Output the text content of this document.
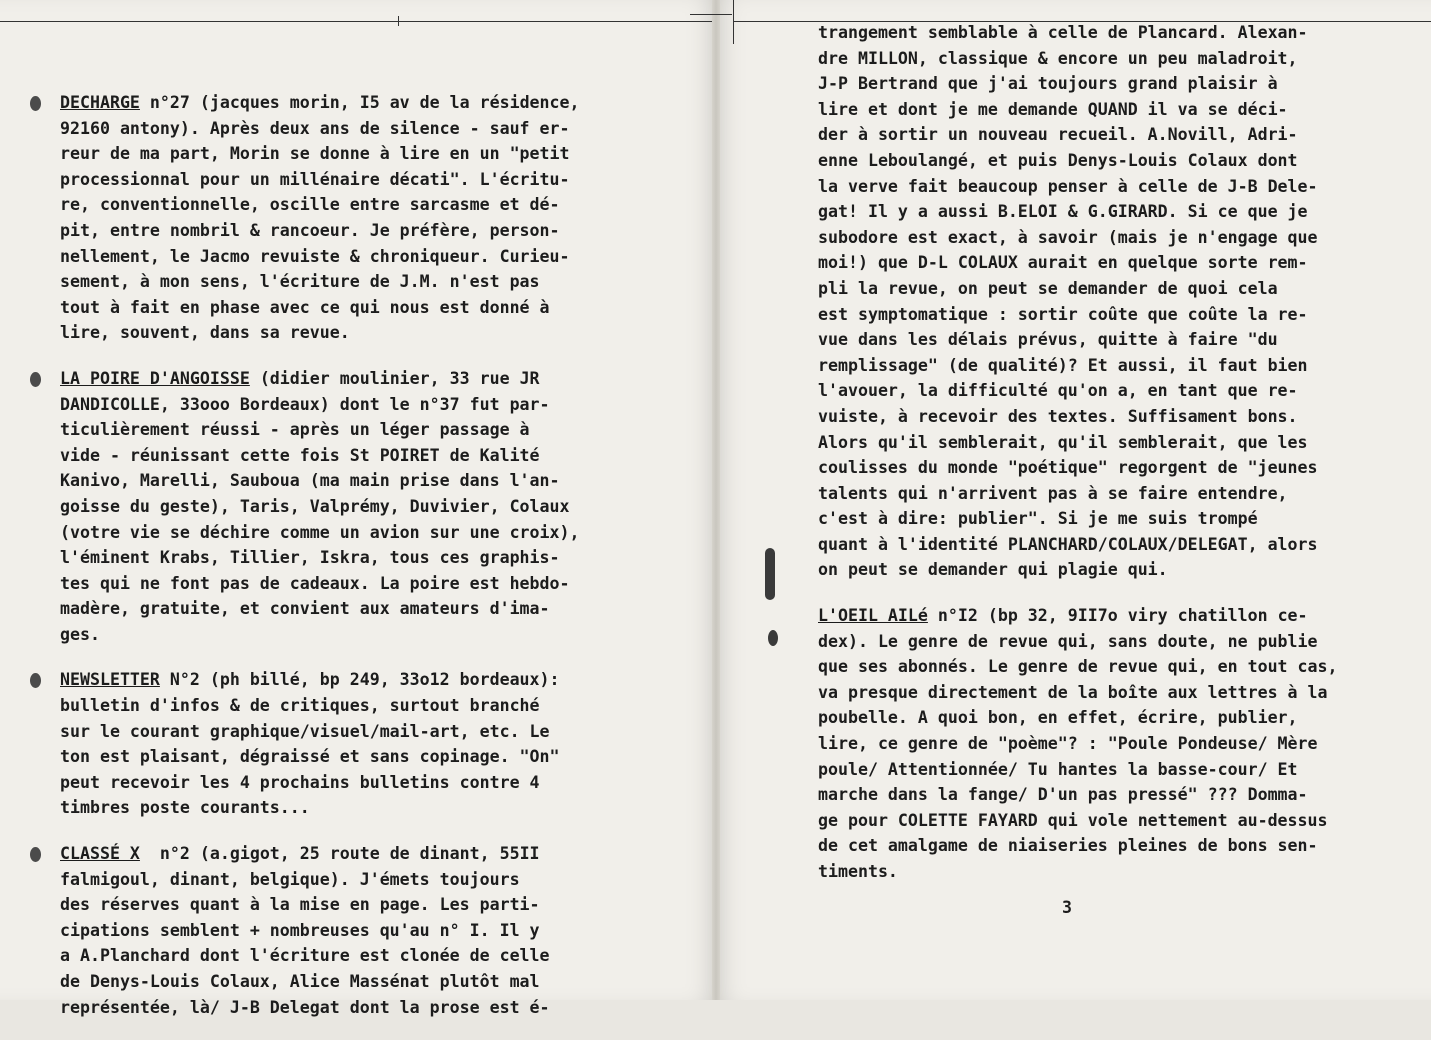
DECHARGE n°27 (jacques morin, I5 av de la résidence,
92160 antony). Après deux ans de silence - sauf er-
reur de ma part, Morin se donne à lire en un "petit
processionnal pour un millénaire décati". L'écritu-
re, conventionnelle, oscille entre sarcasme et dé-
pit, entre nombril & rancoeur. Je préfère, person-
nellement, le Jacmo revuiste & chroniqueur. Curieu-
sement, à mon sens, l'écriture de J.M. n'est pas
tout à fait en phase avec ce qui nous est donné à
lire, souvent, dans sa revue.
LA POIRE D'ANGOISSE (didier moulinier, 33 rue JR
DANDICOLLE, 33ooo Bordeaux) dont le n°37 fut par-
ticulièrement réussi - après un léger passage à
vide - réunissant cette fois St POIRET de Kalité
Kanivo, Marelli, Sauboua (ma main prise dans l'an-
goisse du geste), Taris, Valprémy, Duvivier, Colaux
(votre vie se déchire comme un avion sur une croix),
l'éminent Krabs, Tillier, Iskra, tous ces graphis-
tes qui ne font pas de cadeaux. La poire est hebdo-
madère, gratuite, et convient aux amateurs d'ima-
ges.
NEWSLETTER N°2 (ph billé, bp 249, 33o12 bordeaux):
bulletin d'infos & de critiques, surtout branché
sur le courant graphique/visuel/mail-art, etc. Le
ton est plaisant, dégraissé et sans copinage. "On"
peut recevoir les 4 prochains bulletins contre 4
timbres poste courants...
CLASSÉ X  n°2 (a.gigot, 25 route de dinant, 55II
falmigoul, dinant, belgique). J'émets toujours
des réserves quant à la mise en page. Les parti-
cipations semblent + nombreuses qu'au n° I. Il y
a A.Planchard dont l'écriture est clonée de celle
de Denys-Louis Colaux, Alice Massénat plutôt mal
représentée, là/ J-B Delegat dont la prose est é-
trangement semblable à celle de Plancard. Alexan-
dre MILLON, classique & encore un peu maladroit,
J-P Bertrand que j'ai toujours grand plaisir à
lire et dont je me demande QUAND il va se déci-
der à sortir un nouveau recueil. A.Novill, Adri-
enne Leboulangé, et puis Denys-Louis Colaux dont
la verve fait beaucoup penser à celle de J-B Dele-
gat! Il y a aussi B.ELOI & G.GIRARD. Si ce que je
subodore est exact, à savoir (mais je n'engage que
moi!) que D-L COLAUX aurait en quelque sorte rem-
pli la revue, on peut se demander de quoi cela
est symptomatique : sortir coûte que coûte la re-
vue dans les délais prévus, quitte à faire "du
remplissage" (de qualité)? Et aussi, il faut bien
l'avouer, la difficulté qu'on a, en tant que re-
vuiste, à recevoir des textes. Suffisament bons.
Alors qu'il semblerait, qu'il semblerait, que les
coulisses du monde "poétique" regorgent de "jeunes
talents qui n'arrivent pas à se faire entendre,
c'est à dire: publier". Si je me suis trompé
quant à l'identité PLANCHARD/COLAUX/DELEGAT, alors
on peut se demander qui plagie qui.
L'OEIL AILé n°I2 (bp 32, 9II7o viry chatillon ce-
dex). Le genre de revue qui, sans doute, ne publie
que ses abonnés. Le genre de revue qui, en tout cas,
va presque directement de la boîte aux lettres à la
poubelle. A quoi bon, en effet, écrire, publier,
lire, ce genre de "poème"? : "Poule Pondeuse/ Mère
poule/ Attentionnée/ Tu hantes la basse-cour/ Et
marche dans la fange/ D'un pas pressé" ??? Domma-
ge pour COLETTE FAYARD qui vole nettement au-dessus
de cet amalgame de niaiseries pleines de bons sen-
timents.
3
